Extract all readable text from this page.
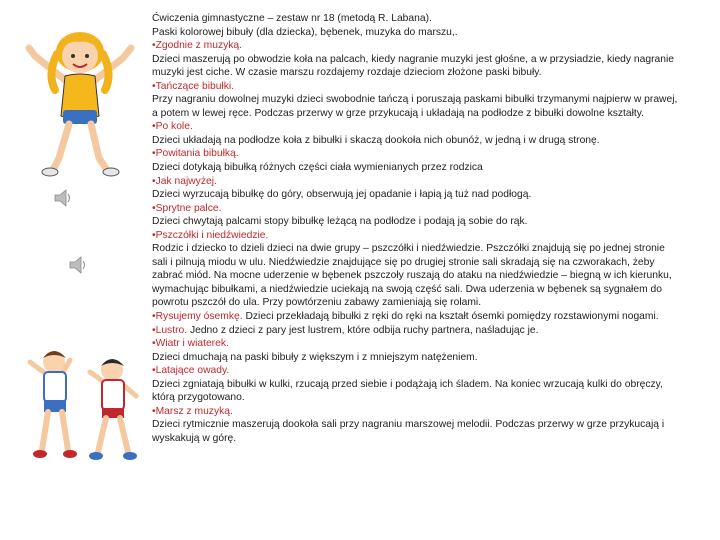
Ćwiczenia gimnastyczne – zestaw nr 18 (metodą R. Labana).

Paski kolorowej bibuły (dla dziecka), bębenek, muzyka do marszu,.

•Zgodnie z muzyką.

Dzieci maszerują po obwodzie koła na palcach, kiedy nagranie muzyki jest głośne, a w przysiadzie, kiedy nagranie muzyki jest ciche. W czasie marszu rozdajemy rozdaje dzieciom złożone paski bibuły.

•Tańczące bibułki.

Przy nagraniu dowolnej muzyki dzieci swobodnie tańczą i poruszają paskami bibułki trzymanymi najpierw w prawej, a potem w lewej ręce. Podczas przerwy w grze przykucają i układają na podłodze z bibułki dowolne kształty.

•Po kole.

Dzieci układają na podłodze koła z bibułki i skaczą dookoła nich obunóż, w jedną i w drugą stronę.

•Powitania bibułką.

Dzieci dotykają bibułką różnych części ciała wymienianych przez rodzica

•Jak najwyżej.

Dzieci wyrzucają bibułkę do góry, obserwują jej opadanie i łapią ją tuż nad podłogą.

•Sprytne palce.

Dzieci chwytają palcami stopy bibułkę leżącą na podłodze i podają ją sobie do rąk.

•Pszczółki i niedźwiedzie.

Rodzic i dziecko to dzieli dzieci na dwie grupy – pszczółki i niedźwiedzie. Pszczółki znajdują się po jednej stronie sali i pilnują miodu w ulu. Niedźwiedzie znajdujące się po drugiej stronie sali skradają się na czworakach, żeby zabrać miód. Na mocne uderzenie w bębenek pszczoły ruszają do ataku na niedźwiedzie – biegną w ich kierunku, wymachując bibułkami, a niedźwiedzie uciekają na swoją część sali. Dwa uderzenia w bębenek są sygnałem do powrotu pszczół do ula. Przy powtórzeniu zabawy zamieniają się rolami.

•Rysujemy ósemkę. Dzieci przekładają bibułki z ręki do ręki na kształt ósemki pomiędzy rozstawionymi nogami.

•Lustro. Jedno z dzieci z pary jest lustrem, które odbija ruchy partnera, naśladując je.

•Wiatr i wiaterek.

Dzieci dmuchają na paski bibuły z większym i z mniejszym natężeniem.

•Latające owady.

Dzieci zgniatają bibułki w kulki, rzucają przed siebie i podążają ich śladem. Na koniec wrzucają kulki do obręczy, którą przygotowano.

•Marsz z muzyką.

Dzieci rytmicznie maszerują dookoła sali przy nagraniu marszowej melodii. Podczas przerwy w grze przykucają i wyskakują w górę.
